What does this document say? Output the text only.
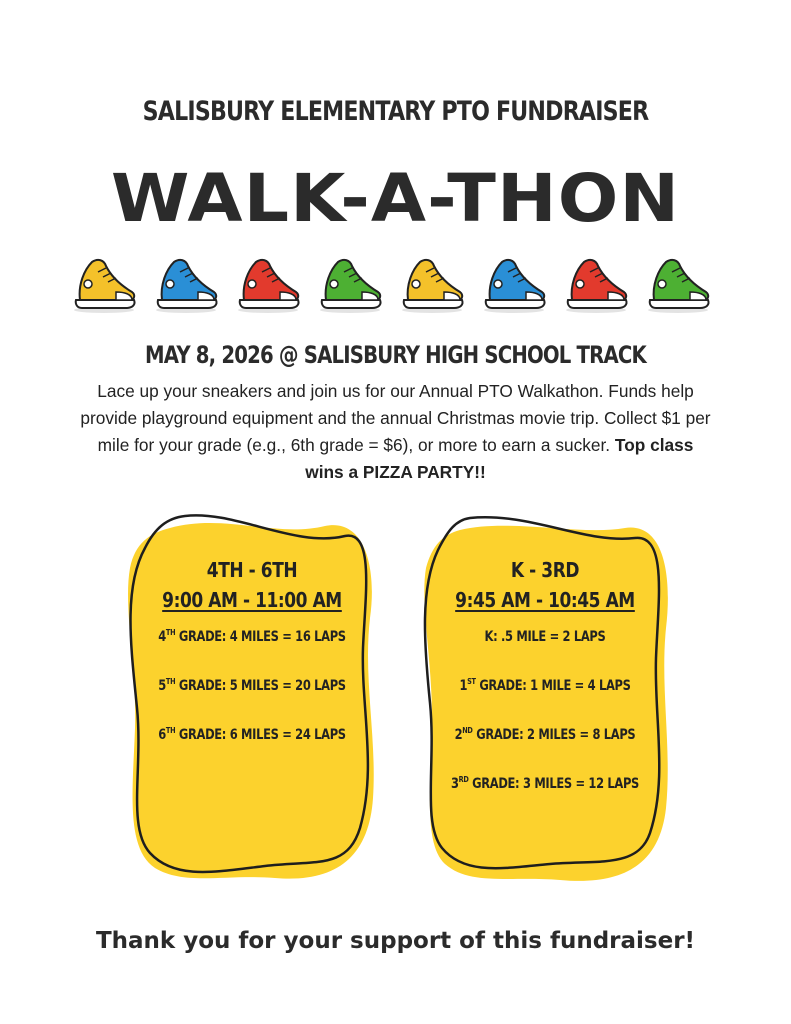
SALISBURY ELEMENTARY PTO FUNDRAISER
WALK-A-THON
MAY 8, 2026 @ SALISBURY HIGH SCHOOL TRACK
Lace up your sneakers and join us for our Annual PTO Walkathon. Funds help provide playground equipment and the annual Christmas movie trip. Collect $1 per mile for your grade (e.g., 6th grade = $6), or more to earn a sucker. Top class wins a PIZZA PARTY!!
4TH - 6TH
9:00 AM - 11:00 AM
4TH GRADE: 4 MILES = 16 LAPS
5TH GRADE: 5 MILES = 20 LAPS
6TH GRADE: 6 MILES = 24 LAPS
K - 3RD
9:45 AM - 10:45 AM
K: .5 MILE = 2 LAPS
1ST GRADE: 1 MILE = 4 LAPS
2ND GRADE: 2 MILES = 8 LAPS
3RD GRADE: 3 MILES = 12 LAPS
Thank you for your support of this fundraiser!
